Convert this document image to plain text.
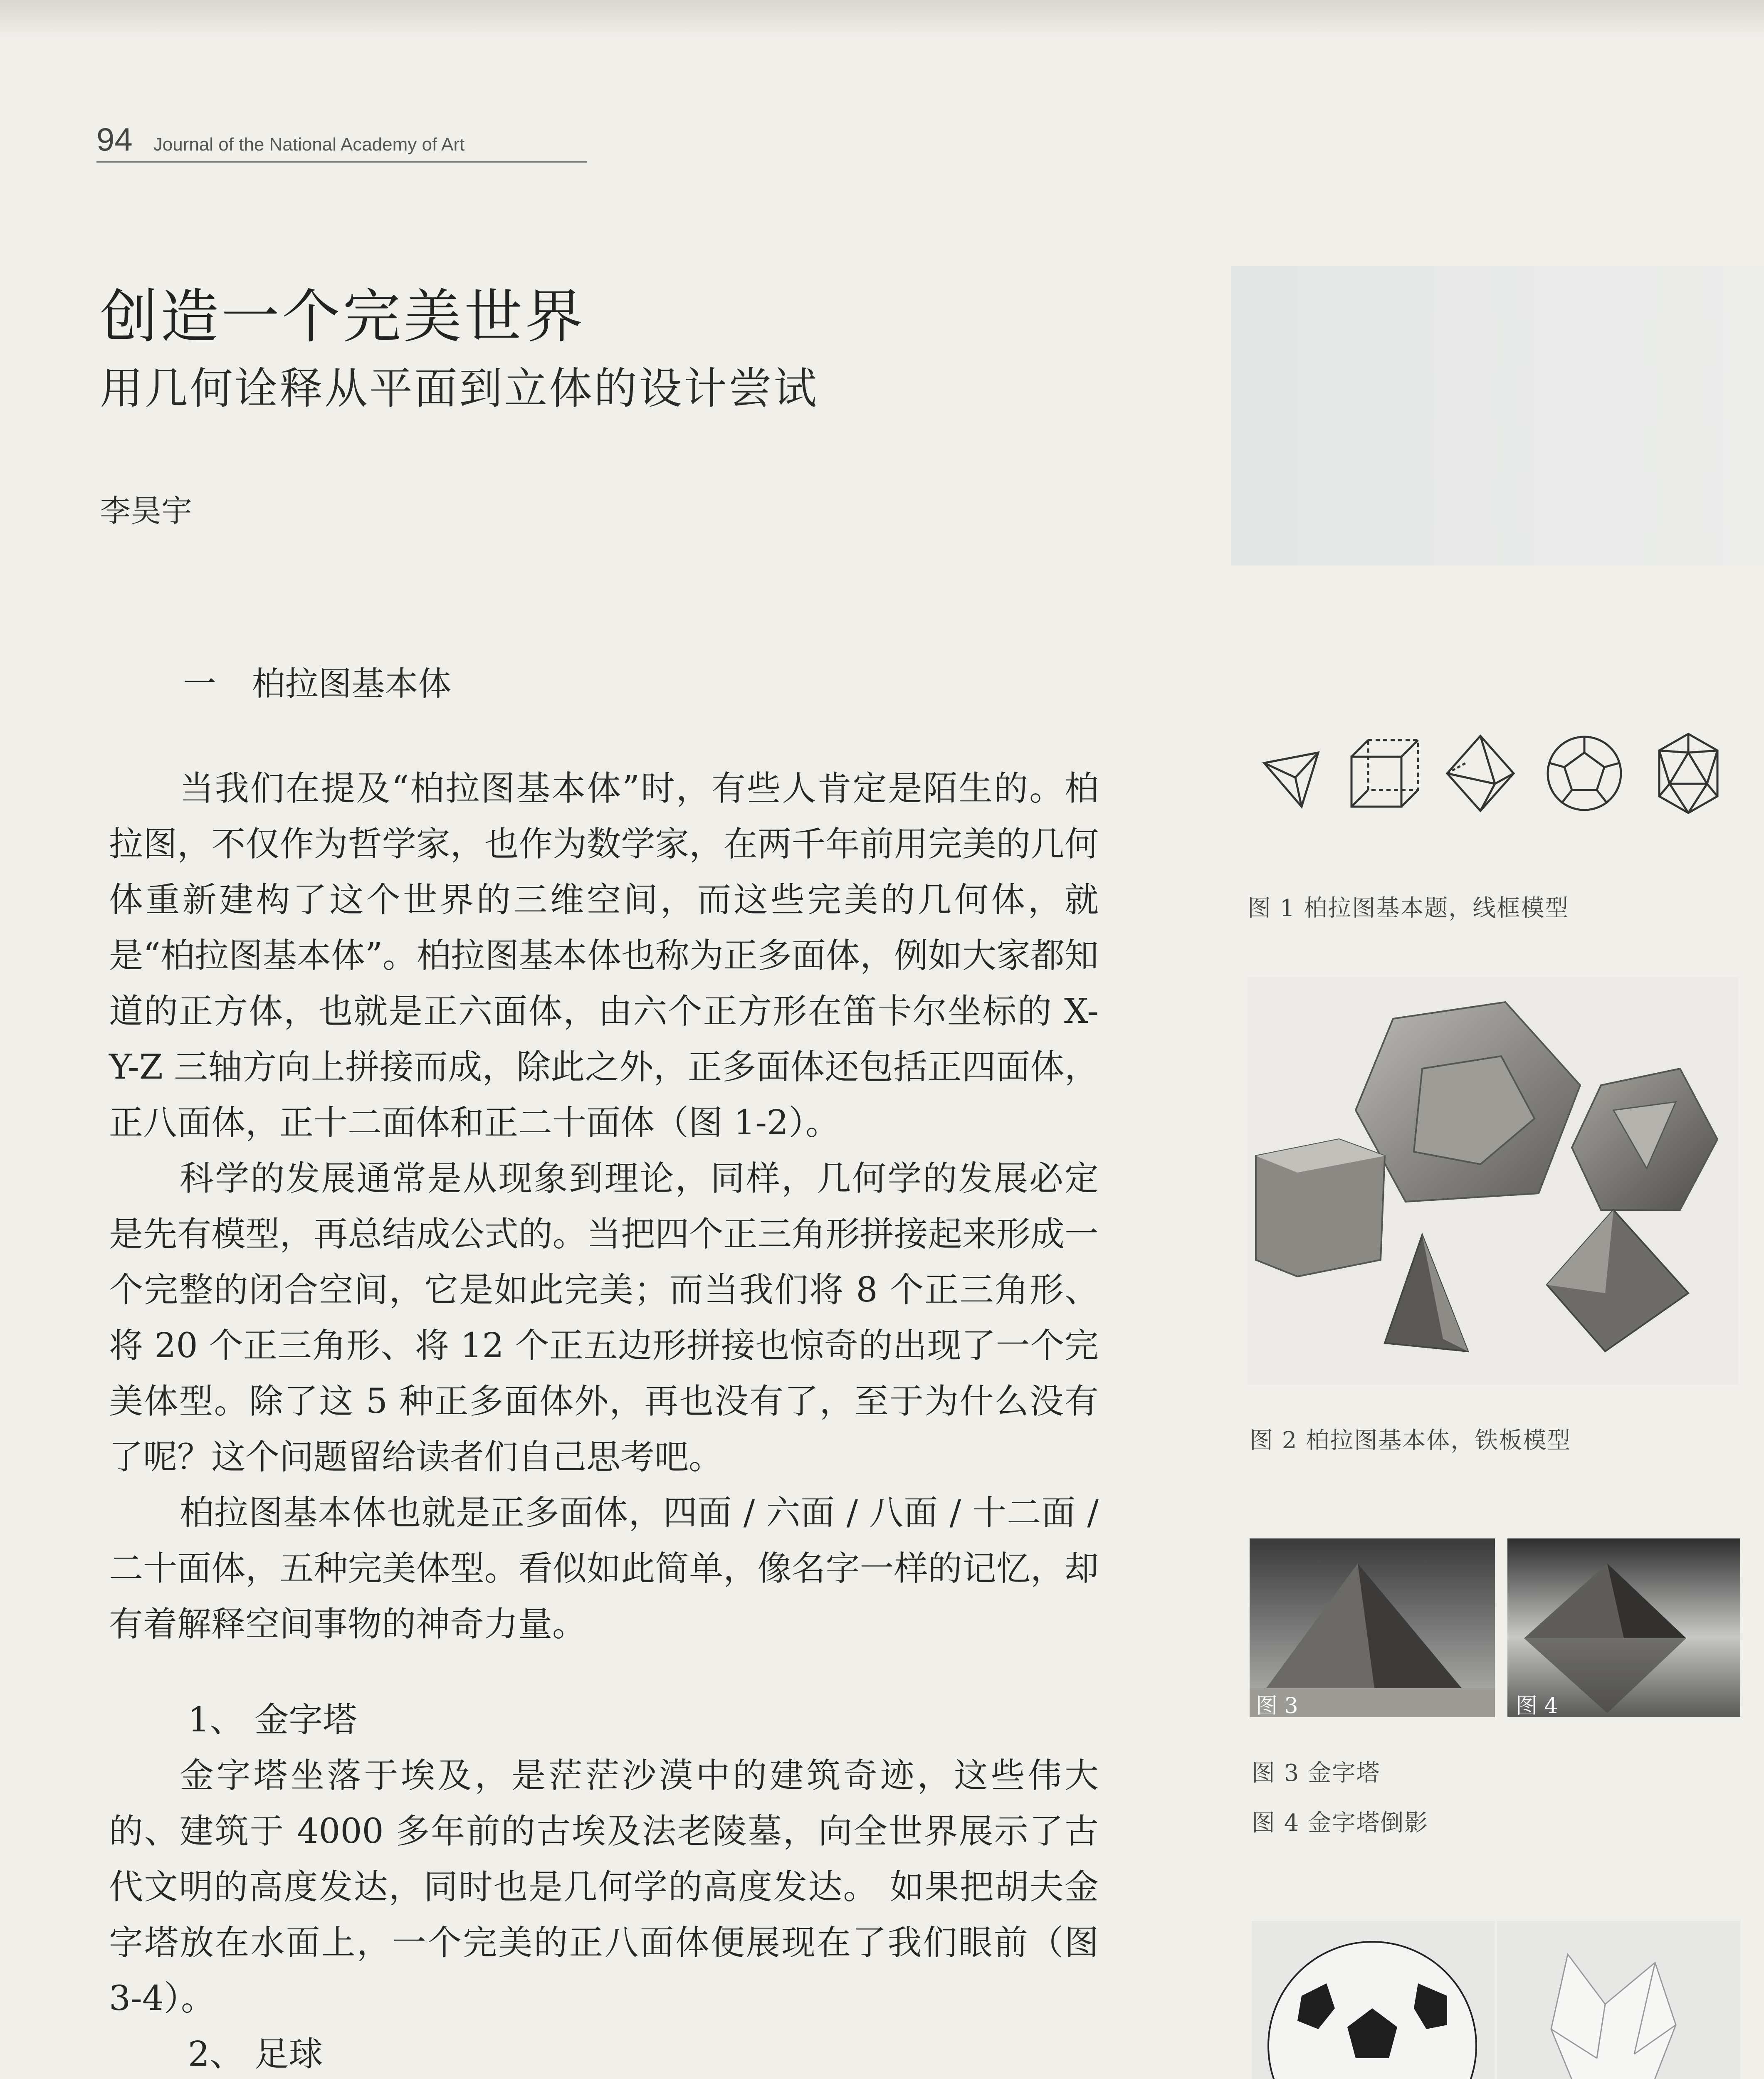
94 Journal of the National Academy of Art
创造一个完美世界
用几何诠释从平面到立体的设计尝试
李昊宇
一 柏拉图基本体

当我们在提及“柏拉图基本体”时，有些人肯定是陌生的。柏拉图，不仅作为哲学家，也作为数学家，在两千年前用完美的几何体重新建构了这个世界的三维空间，而这些完美的几何体，就是“柏拉图基本体”。柏拉图基本体也称为正多面体，例如大家都知道的正方体，也就是正六面体，由六个正方形在笛卡尔坐标的 X-Y-Z 三轴方向上拼接而成，除此之外，正多面体还包括正四面体，正八面体，正十二面体和正二十面体（图 1-2）。

科学的发展通常是从现象到理论，同样，几何学的发展必定是先有模型，再总结成公式的。当把四个正三角形拼接起来形成一个完整的闭合空间，它是如此完美；而当我们将 8 个正三角形、将 20 个正三角形、将 12 个正五边形拼接也惊奇的出现了一个完美体型。除了这 5 种正多面体外，再也没有了，至于为什么没有了呢？这个问题留给读者们自己思考吧。

柏拉图基本体也就是正多面体，四面 / 六面 / 八面 / 十二面 / 二十面体，五种完美体型。看似如此简单，像名字一样的记忆，却有着解释空间事物的神奇力量。

1、 金字塔

金字塔坐落于埃及，是茫茫沙漠中的建筑奇迹，这些伟大的、建筑于 4000 多年前的古埃及法老陵墓，向全世界展示了古代文明的高度发达，同时也是几何学的高度发达。 如果把胡夫金字塔放在水面上，一个完美的正八面体便展现在了我们眼前（图 3-4）。

2、 足球

图 1 柏拉图基本题，线框模型
图 2 柏拉图基本体，铁板模型
图 3	图 4
图 3 金字塔
图 4 金字塔倒影
